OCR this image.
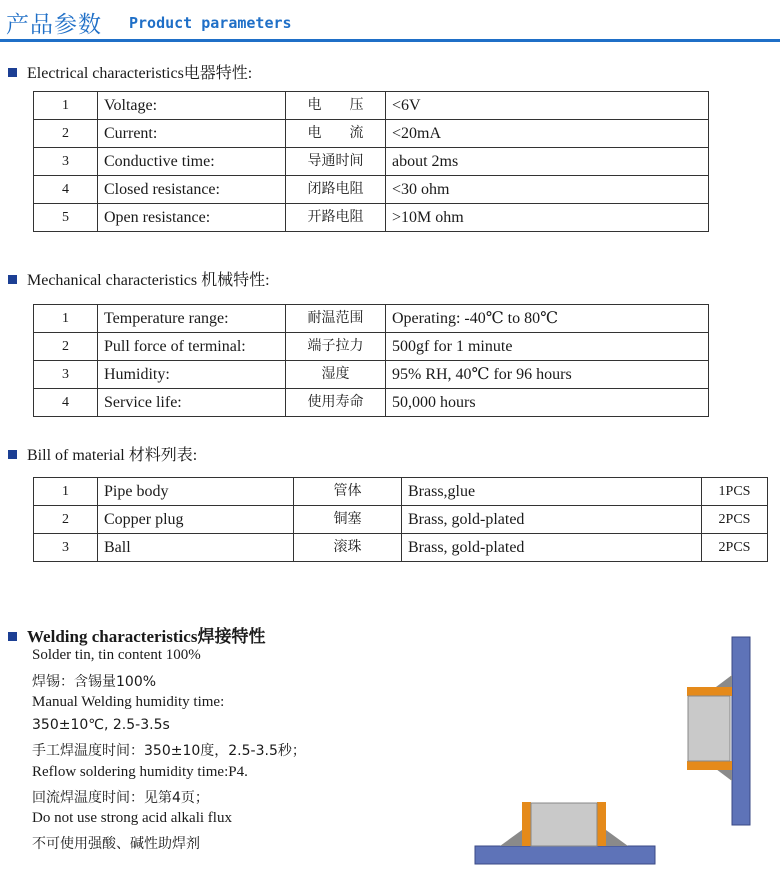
产品参数 Product parameters
Electrical characteristics电器特性:
1	Voltage:	电　　压	<6V
2	Current:	电　　流	<20mA
3	Conductive time:	导通时间	about 2ms
4	Closed resistance:	闭路电阻	<30 ohm
5	Open resistance:	开路电阻	>10M ohm
Mechanical characteristics 机械特性:
1	Temperature range:	耐温范围	Operating: -40℃ to 80℃
2	Pull force of terminal:	端子拉力	500gf for 1 minute
3	Humidity:	湿度	95% RH, 40℃ for 96 hours
4	Service life:	使用寿命	50,000 hours
Bill of material 材料列表:
1	Pipe body	管体	Brass,glue	1PCS
2	Copper plug	铜塞	Brass, gold-plated	2PCS
3	Ball	滚珠	Brass, gold-plated	2PCS
Welding characteristics焊接特性
Solder tin, tin content 100%
焊锡：含锡量100%
Manual Welding humidity time:
350±10℃, 2.5-3.5s
手工焊温度时间：350±10度，2.5-3.5秒；
Reflow soldering humidity time:P4.
回流焊温度时间：见第4页；
Do not use strong acid alkali flux
不可使用强酸、碱性助焊剂
